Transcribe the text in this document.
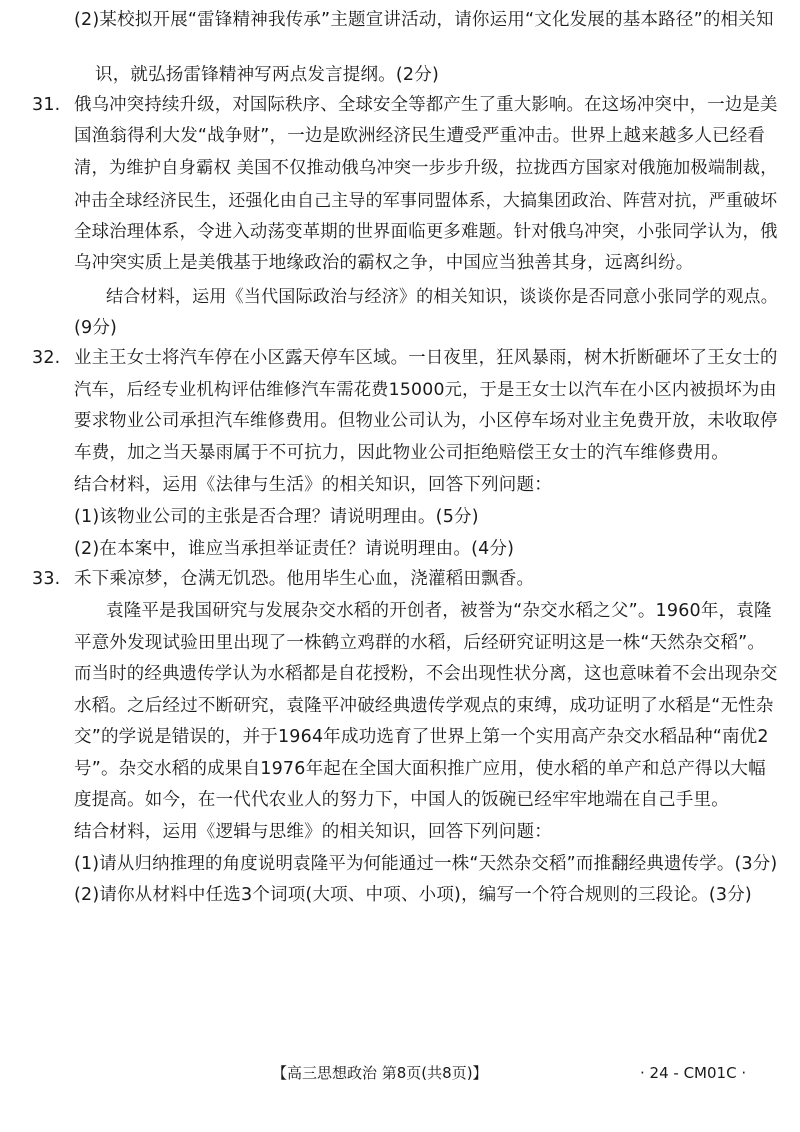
(2)某校拟开展“雷锋精神我传承”主题宣讲活动，请你运用“文化发展的基本路径”的相关知
识，就弘扬雷锋精神写两点发言提纲。(2分)
31. 俄乌冲突持续升级，对国际秩序、全球安全等都产生了重大影响。在这场冲突中，一边是美
国渔翁得利大发“战争财”，一边是欧洲经济民生遭受严重冲击。世界上越来越多人已经看
清，为维护自身霸权 美国不仅推动俄乌冲突一步步升级，拉拢西方国家对俄施加极端制裁，
冲击全球经济民生，还强化由自己主导的军事同盟体系，大搞集团政治、阵营对抗，严重破坏
全球治理体系，令进入动荡变革期的世界面临更多难题。针对俄乌冲突，小张同学认为，俄
乌冲突实质上是美俄基于地缘政治的霸权之争，中国应当独善其身，远离纠纷。
结合材料，运用《当代国际政治与经济》的相关知识，谈谈你是否同意小张同学的观点。
(9分)
32. 业主王女士将汽车停在小区露天停车区域。一日夜里，狂风暴雨，树木折断砸坏了王女士的
汽车，后经专业机构评估维修汽车需花费15000元，于是王女士以汽车在小区内被损坏为由
要求物业公司承担汽车维修费用。但物业公司认为，小区停车场对业主免费开放，未收取停
车费，加之当天暴雨属于不可抗力，因此物业公司拒绝赔偿王女士的汽车维修费用。
结合材料，运用《法律与生活》的相关知识，回答下列问题：
(1)该物业公司的主张是否合理？请说明理由。(5分)
(2)在本案中，谁应当承担举证责任？请说明理由。(4分)
33. 禾下乘凉梦，仓满无饥恐。他用毕生心血，浇灌稻田飘香。
袁隆平是我国研究与发展杂交水稻的开创者，被誉为“杂交水稻之父”。1960年，袁隆
平意外发现试验田里出现了一株鹤立鸡群的水稻，后经研究证明这是一株“天然杂交稻”。
而当时的经典遗传学认为水稻都是自花授粉，不会出现性状分离，这也意味着不会出现杂交
水稻。之后经过不断研究，袁隆平冲破经典遗传学观点的束缚，成功证明了水稻是“无性杂
交”的学说是错误的，并于1964年成功选育了世界上第一个实用高产杂交水稻品种“南优2
号”。杂交水稻的成果自1976年起在全国大面积推广应用，使水稻的单产和总产得以大幅
度提高。如今，在一代代农业人的努力下，中国人的饭碗已经牢牢地端在自己手里。
结合材料，运用《逻辑与思维》的相关知识，回答下列问题：
(1)请从归纳推理的角度说明袁隆平为何能通过一株“天然杂交稻”而推翻经典遗传学。(3分)
(2)请你从材料中任选3个词项(大项、中项、小项)，编写一个符合规则的三段论。(3分)
【高三思想政治 第8页(共8页)】	· 24 - CM01C ·
